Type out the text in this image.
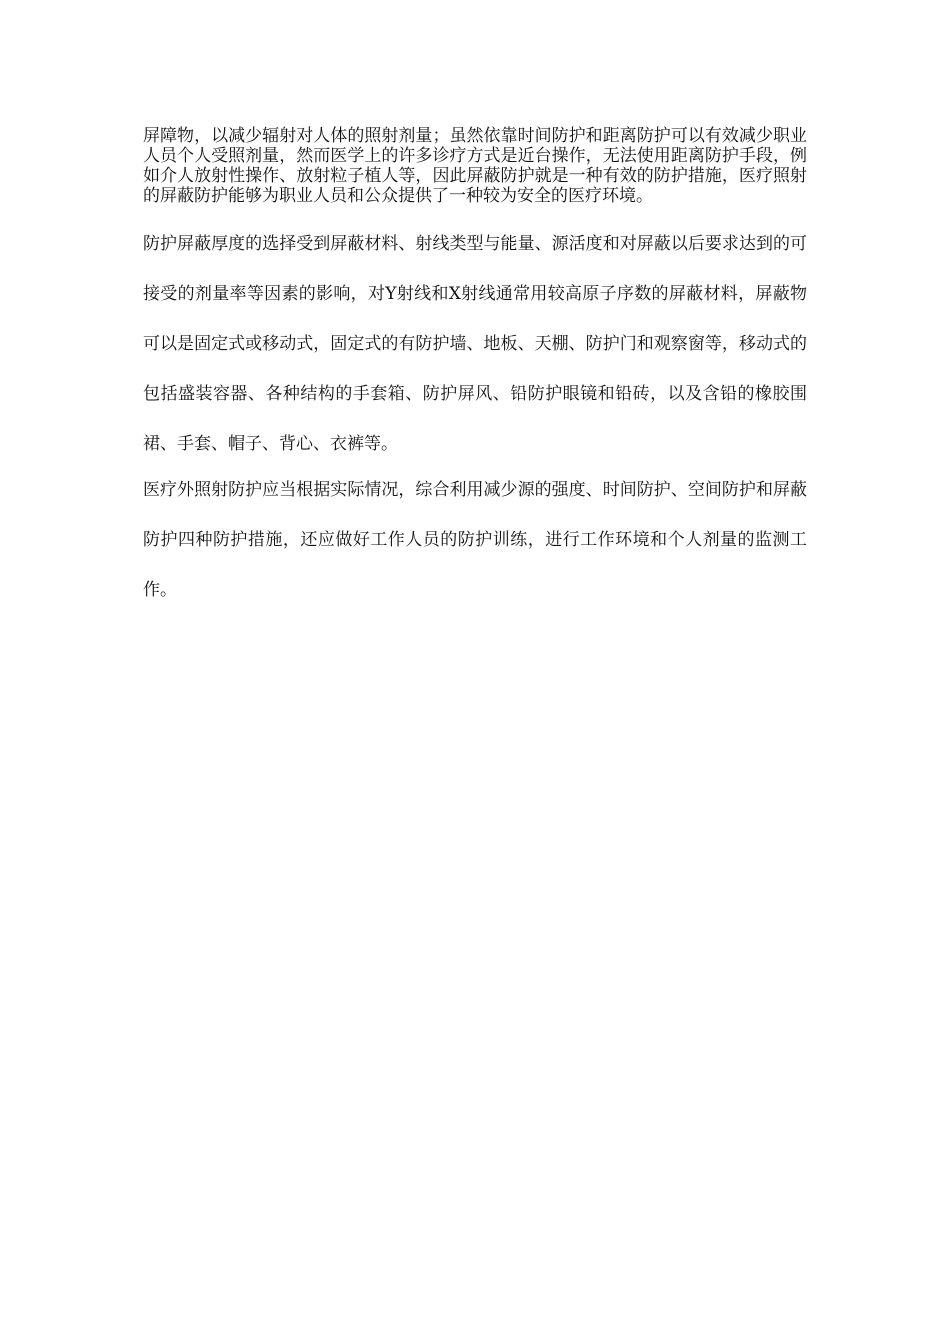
屏障物，以减少辐射对人体的照射剂量；虽然依靠时间防护和距离防护可以有效减少职业人员个人受照剂量，然而医学上的许多诊疗方式是近台操作，无法使用距离防护手段，例如介人放射性操作、放射粒子植人等，因此屏蔽防护就是一种有效的防护措施，医疗照射的屏蔽防护能够为职业人员和公众提供了一种较为安全的医疗环境。

防护屏蔽厚度的选择受到屏蔽材料、射线类型与能量、源活度和对屏蔽以后要求达到的可接受的剂量率等因素的影响，对Y射线和X射线通常用较高原子序数的屏蔽材料，屏蔽物可以是固定式或移动式，固定式的有防护墙、地板、天棚、防护门和观察窗等，移动式的包括盛装容器、各种结构的手套箱、防护屏风、铅防护眼镜和铅砖，以及含铅的橡胶围裙、手套、帽子、背心、衣裤等。

医疗外照射防护应当根据实际情况，综合利用减少源的强度、时间防护、空间防护和屏蔽防护四种防护措施，还应做好工作人员的防护训练，进行工作环境和个人剂量的监测工作。
